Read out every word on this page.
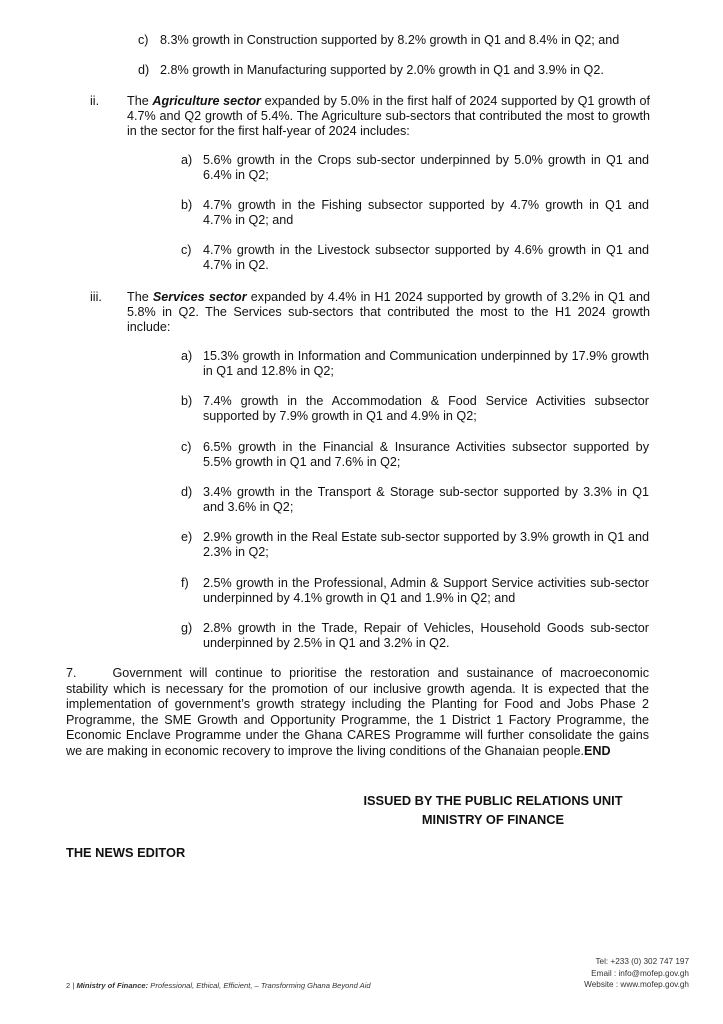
c) 8.3% growth in Construction supported by 8.2% growth in Q1 and 8.4% in Q2; and
d) 2.8% growth in Manufacturing supported by 2.0% growth in Q1 and 3.9% in Q2.
ii. The Agriculture sector expanded by 5.0% in the first half of 2024 supported by Q1 growth of 4.7% and Q2 growth of 5.4%. The Agriculture sub-sectors that contributed the most to growth in the sector for the first half-year of 2024 includes:
a) 5.6% growth in the Crops sub-sector underpinned by 5.0% growth in Q1 and 6.4% in Q2;
b) 4.7% growth in the Fishing subsector supported by 4.7% growth in Q1 and 4.7% in Q2; and
c) 4.7% growth in the Livestock subsector supported by 4.6% growth in Q1 and 4.7% in Q2.
iii. The Services sector expanded by 4.4% in H1 2024 supported by growth of 3.2% in Q1 and 5.8% in Q2. The Services sub-sectors that contributed the most to the H1 2024 growth include:
a) 15.3% growth in Information and Communication underpinned by 17.9% growth in Q1 and 12.8% in Q2;
b) 7.4% growth in the Accommodation & Food Service Activities subsector supported by 7.9% growth in Q1 and 4.9% in Q2;
c) 6.5% growth in the Financial & Insurance Activities subsector supported by 5.5% growth in Q1 and 7.6% in Q2;
d) 3.4% growth in the Transport & Storage sub-sector supported by 3.3% in Q1 and 3.6% in Q2;
e) 2.9% growth in the Real Estate sub-sector supported by 3.9% growth in Q1 and 2.3% in Q2;
f) 2.5% growth in the Professional, Admin & Support Service activities sub-sector underpinned by 4.1% growth in Q1 and 1.9% in Q2; and
g) 2.8% growth in the Trade, Repair of Vehicles, Household Goods sub-sector underpinned by 2.5% in Q1 and 3.2% in Q2.
7.	Government will continue to prioritise the restoration and sustainance of macroeconomic stability which is necessary for the promotion of our inclusive growth agenda. It is expected that the implementation of government’s growth strategy including the Planting for Food and Jobs Phase 2 Programme, the SME Growth and Opportunity Programme, the 1 District 1 Factory Programme, the Economic Enclave Programme under the Ghana CARES Programme will further consolidate the gains we are making in economic recovery to improve the living conditions of the Ghanaian people.END
ISSUED BY THE PUBLIC RELATIONS UNIT
MINISTRY OF FINANCE
THE NEWS EDITOR
2 | Ministry of Finance: Professional, Ethical, Efficient, – Transforming Ghana Beyond Aid
Tel: +233 (0) 302 747 197
Email : info@mofep.gov.gh
Website : www.mofep.gov.gh
